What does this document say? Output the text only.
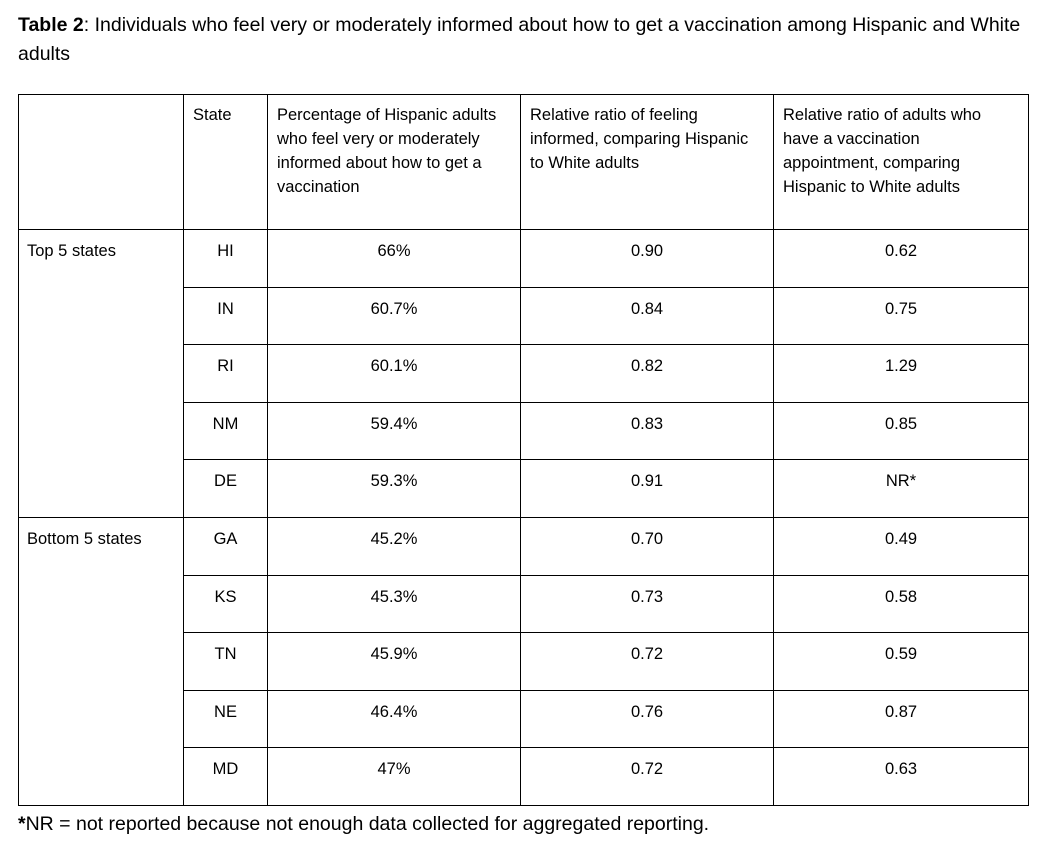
Table 2: Individuals who feel very or moderately informed about how to get a vaccination among Hispanic and White adults

	State	Percentage of Hispanic adults who feel very or moderately informed about how to get a vaccination	Relative ratio of feeling informed, comparing Hispanic to White adults	Relative ratio of adults who have a vaccination appointment, comparing Hispanic to White adults
Top 5 states	HI	66%	0.90	0.62
	IN	60.7%	0.84	0.75
	RI	60.1%	0.82	1.29
	NM	59.4%	0.83	0.85
	DE	59.3%	0.91	NR*
Bottom 5 states	GA	45.2%	0.70	0.49
	KS	45.3%	0.73	0.58
	TN	45.9%	0.72	0.59
	NE	46.4%	0.76	0.87
	MD	47%	0.72	0.63

*NR = not reported because not enough data collected for aggregated reporting.
